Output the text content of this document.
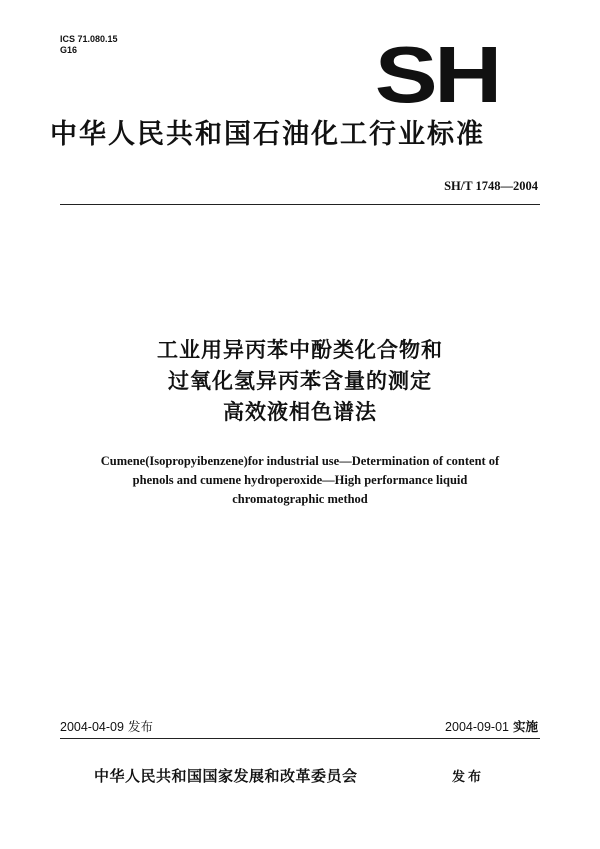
ICS 71.080.15
G16	SH
中华人民共和国石油化工行业标准
SH/T 1748—2004
工业用异丙苯中酚类化合物和
过氧化氢异丙苯含量的测定
高效液相色谱法
Cumene(Isopropyibenzene)for industrial use—Determination of content of
phenols and cumene hydroperoxide—High performance liquid
chromatographic method
2004-04-09 发布	2004-09-01 实施
中华人民共和国国家发展和改革委员会	发布
